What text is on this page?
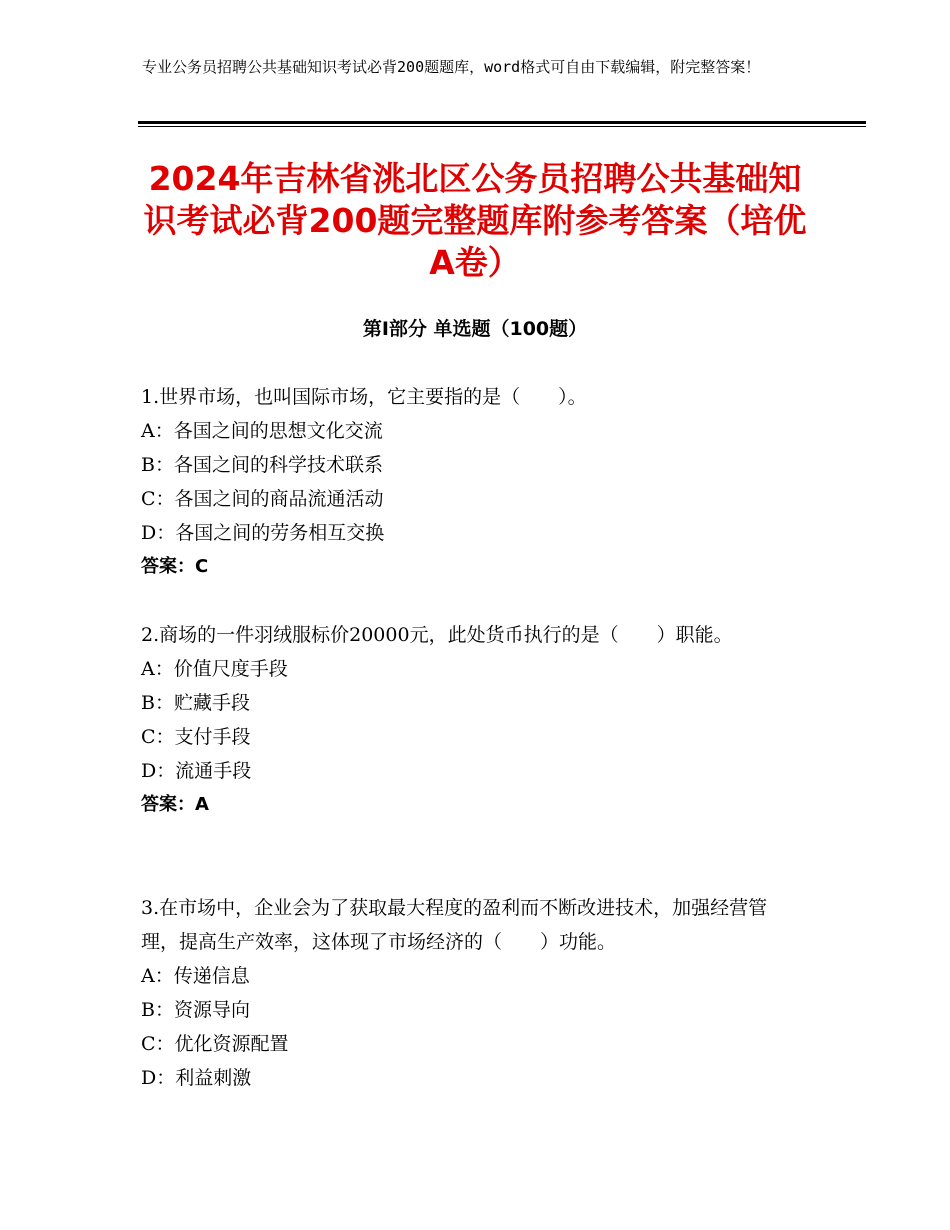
专业公务员招聘公共基础知识考试必背200题题库，word格式可自由下载编辑，附完整答案！
2024年吉林省洮北区公务员招聘公共基础知识考试必背200题完整题库附参考答案（培优A卷）
第Ⅰ部分 单选题（100题）

1.世界市场，也叫国际市场，它主要指的是（　　）。

A：各国之间的思想文化交流

B：各国之间的科学技术联系

C：各国之间的商品流通活动

D：各国之间的劳务相互交换

答案：C

2.商场的一件羽绒服标价20000元，此处货币执行的是（　　）职能。

A：价值尺度手段

B：贮藏手段

C：支付手段

D：流通手段

答案：A

3.在市场中，企业会为了获取最大程度的盈利而不断改进技术，加强经营管理，提高生产效率，这体现了市场经济的（　　）功能。

A：传递信息

B：资源导向

C：优化资源配置

D：利益刺激
